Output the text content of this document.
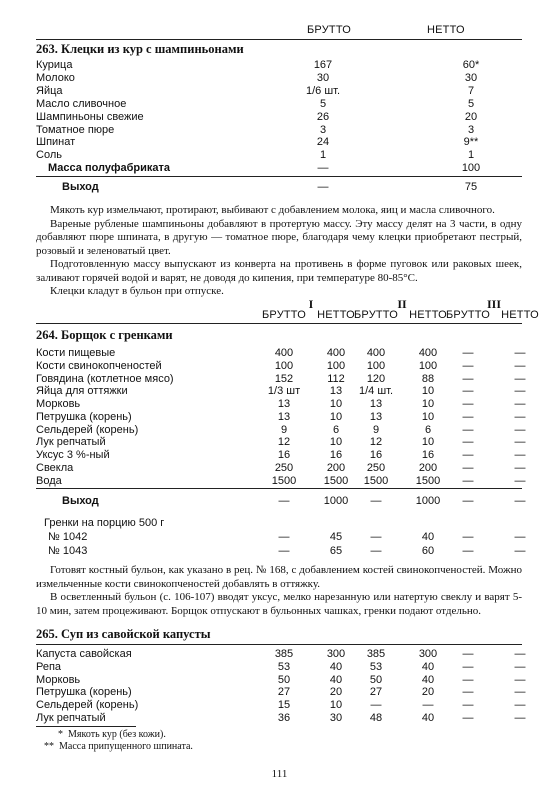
БРУТТО	НЕТТО
263. Клецки из кур с шампиньонами
Курица	167	60*
Молоко	30	30
Яйца	1/6 шт.	7
Масло сливочное	5	5
Шампиньоны свежие	26	20
Томатное пюре	3	3
Шпинат	24	9**
Соль	1	1
Масса полуфабриката	—	100
Выход	—	75
Мякоть кур измельчают, протирают, выбивают с добавлением молока, яиц и масла сливочного.
Вареные рубленые шампиньоны добавляют в протертую массу. Эту массу делят на 3 части, в одну добавляют пюре шпината, в другую — томатное пюре, благодаря чему клецки приобретают пестрый, розовый и зеленоватый цвет.
Подготовленную массу выпускают из конверта на противень в форме пуговок или раковых шеек, заливают горячей водой и варят, не доводя до кипения, при температуре 80-85°С.
Клецки кладут в бульон при отпуске.
I	II	III
БРУТТО	НЕТТО БРУТТО	НЕТТО БРУТТО	НЕТТО
264. Борщок с гренками
Кости пищевые	400	400	400	400	—	—
Кости свинокопченостей	100	100	100	100	—	—
Говядина (котлетное мясо)	152	112	120	88	—	—
Яйца для оттяжки	1/3 шт	13	1/4 шт.	10	—	—
Морковь	13	10	13	10	—	—
Петрушка (корень)	13	10	13	10	—	—
Сельдерей (корень)	9	6	9	6	—	—
Лук репчатый	12	10	12	10	—	—
Уксус 3 %-ный	16	16	16	16	—	—
Свекла	250	200	250	200	—	—
Вода	1500	1500	1500	1500	—	—
Выход	—	1000	—	1000	—	—
Гренки на порцию 500 г
№ 1042	—	45	—	40	—	—
№ 1043	—	65	—	60	—	—
Готовят костный бульон, как указано в рец. № 168, с добавлением костей свинокопченостей. Можно измельченные кости свинокопченостей добавлять в оттяжку.
В осветленный бульон (с. 106-107) вводят уксус, мелко нарезанную или натертую свеклу и варят 5-10 мин, затем процеживают. Борщок отпускают в бульонных чашках, гренки подают отдельно.
265. Суп из савойской капусты
Капуста савойская	385	300	385	300	—	—
Репа	53	40	53	40	—	—
Морковь	50	40	50	40	—	—
Петрушка (корень)	27	20	27	20	—	—
Сельдерей (корень)	15	10	—	—	—	—
Лук репчатый	36	30	48	40	—	—
* Мякоть кур (без кожи).
** Масса припущенного шпината.
111
